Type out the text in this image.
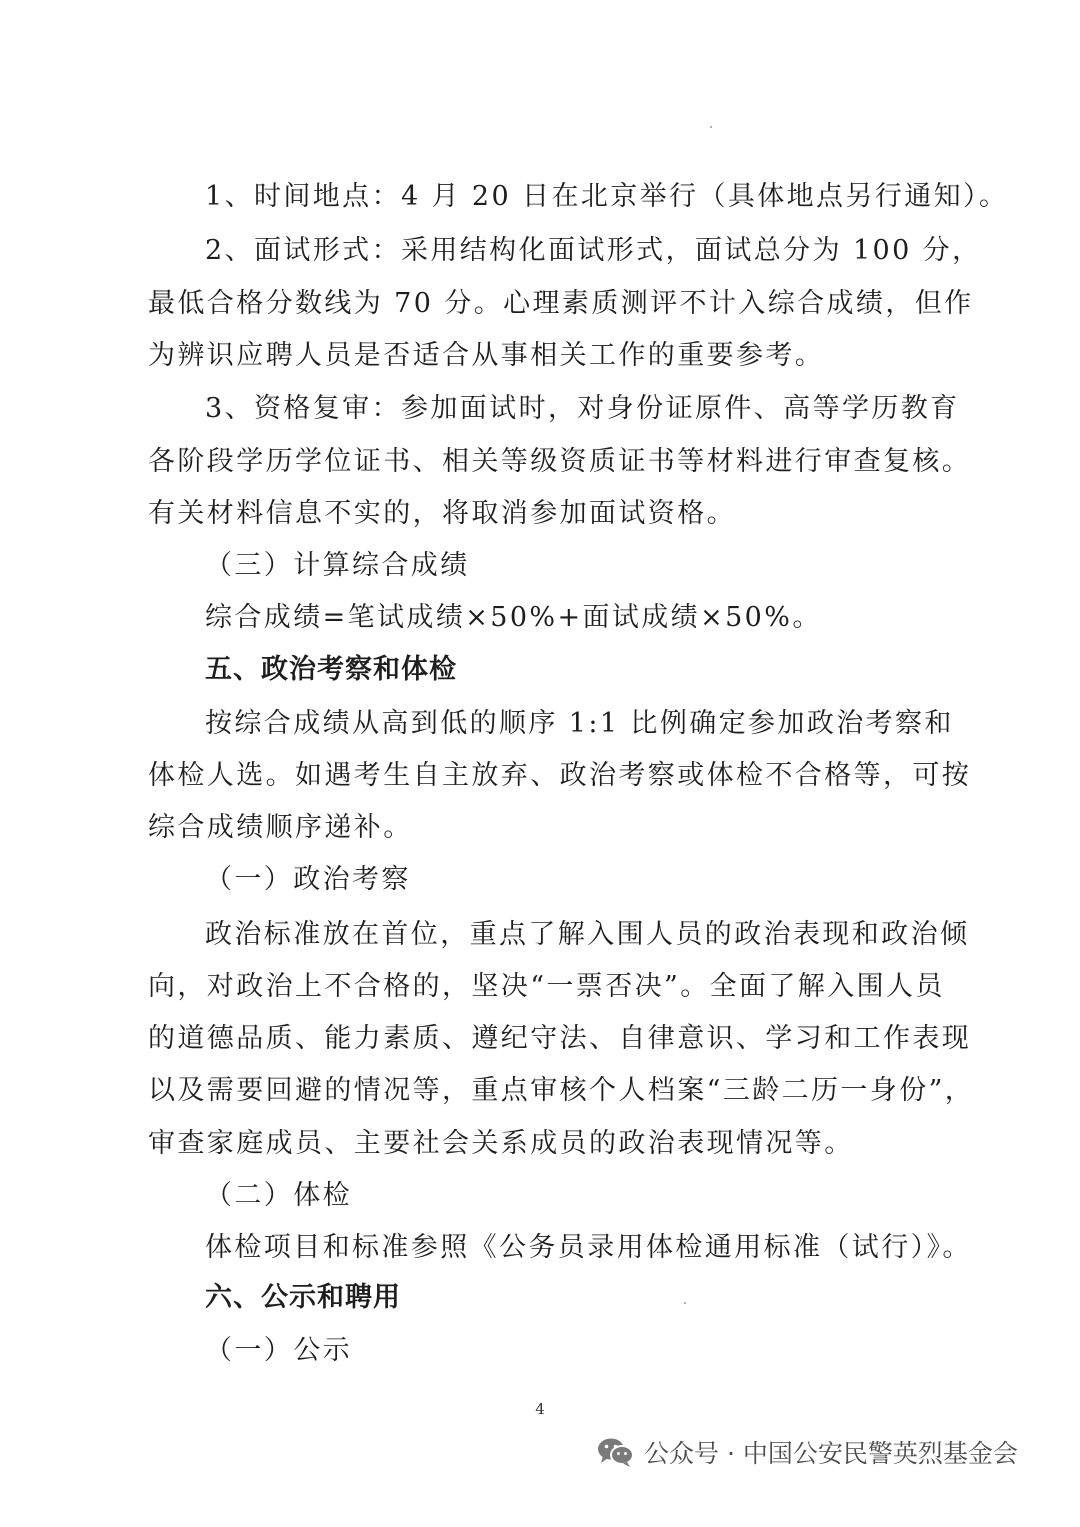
1、时间地点：4 月 20 日在北京举行（具体地点另行通知）。
2、面试形式：采用结构化面试形式，面试总分为 100 分，
最低合格分数线为 70 分。心理素质测评不计入综合成绩，但作
为辨识应聘人员是否适合从事相关工作的重要参考。
3、资格复审：参加面试时，对身份证原件、高等学历教育
各阶段学历学位证书、相关等级资质证书等材料进行审查复核。
有关材料信息不实的，将取消参加面试资格。
（三）计算综合成绩
综合成绩=笔试成绩×50%+面试成绩×50%。
五、政治考察和体检
按综合成绩从高到低的顺序 1:1 比例确定参加政治考察和
体检人选。如遇考生自主放弃、政治考察或体检不合格等，可按
综合成绩顺序递补。
（一）政治考察
政治标准放在首位，重点了解入围人员的政治表现和政治倾
向，对政治上不合格的，坚决“一票否决”。全面了解入围人员
的道德品质、能力素质、遵纪守法、自律意识、学习和工作表现
以及需要回避的情况等，重点审核个人档案“三龄二历一身份”，
审查家庭成员、主要社会关系成员的政治表现情况等。
（二）体检
体检项目和标准参照《公务员录用体检通用标准（试行）》。
六、公示和聘用
（一）公示
4
公众号 · 中国公安民警英烈基金会
